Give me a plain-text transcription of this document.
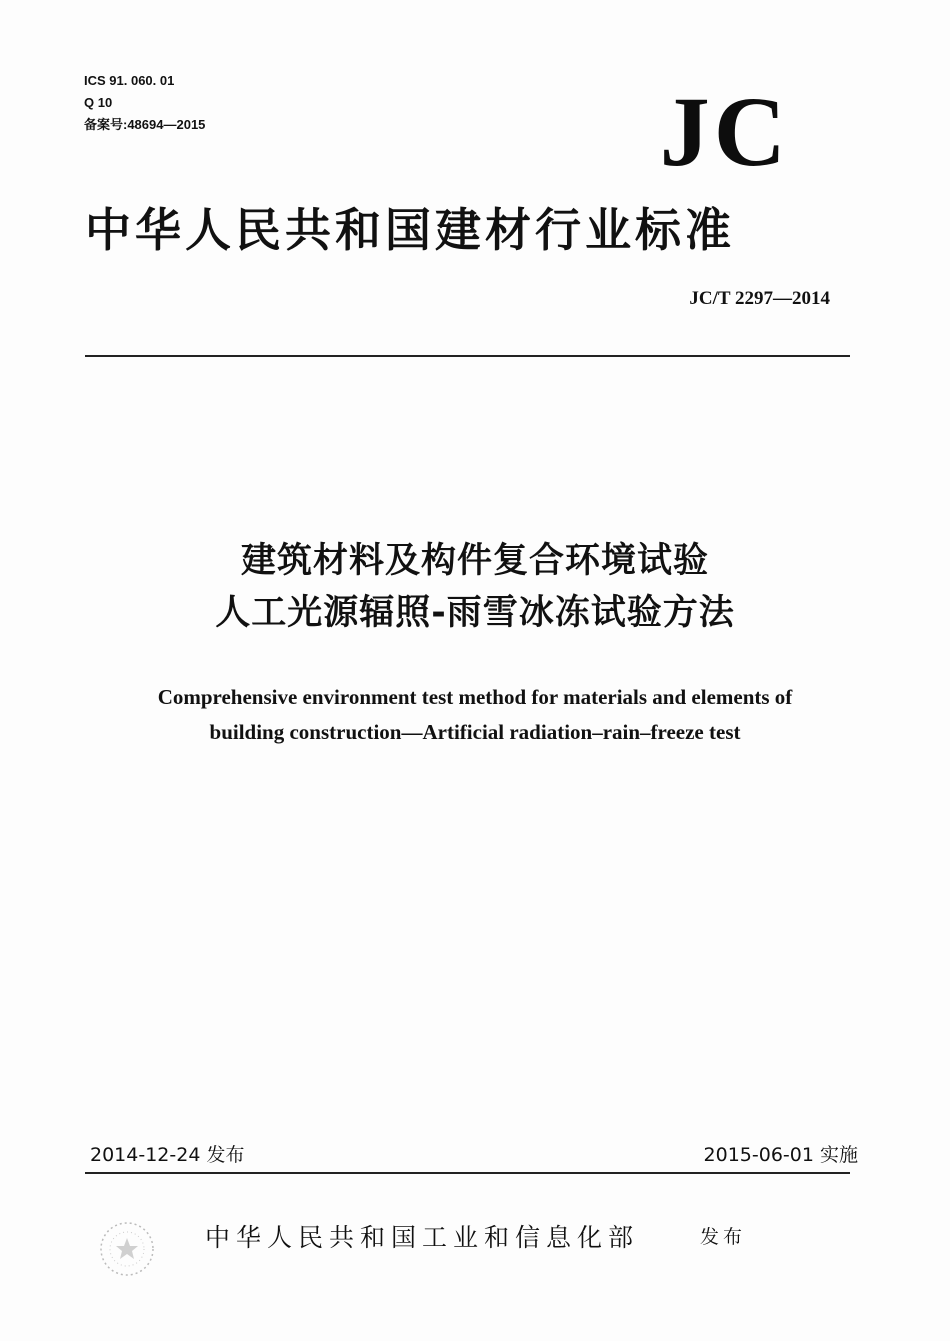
ICS 91. 060. 01
Q 10
备案号:48694—2015	JC
中华人民共和国建材行业标准
JC/T 2297—2014
建筑材料及构件复合环境试验
人工光源辐照-雨雪冰冻试验方法
Comprehensive environment test method for materials and elements of
building construction—Artificial radiation–rain–freeze test
2014-12-24 发布	2015-06-01 实施
中华人民共和国工业和信息化部	发布
